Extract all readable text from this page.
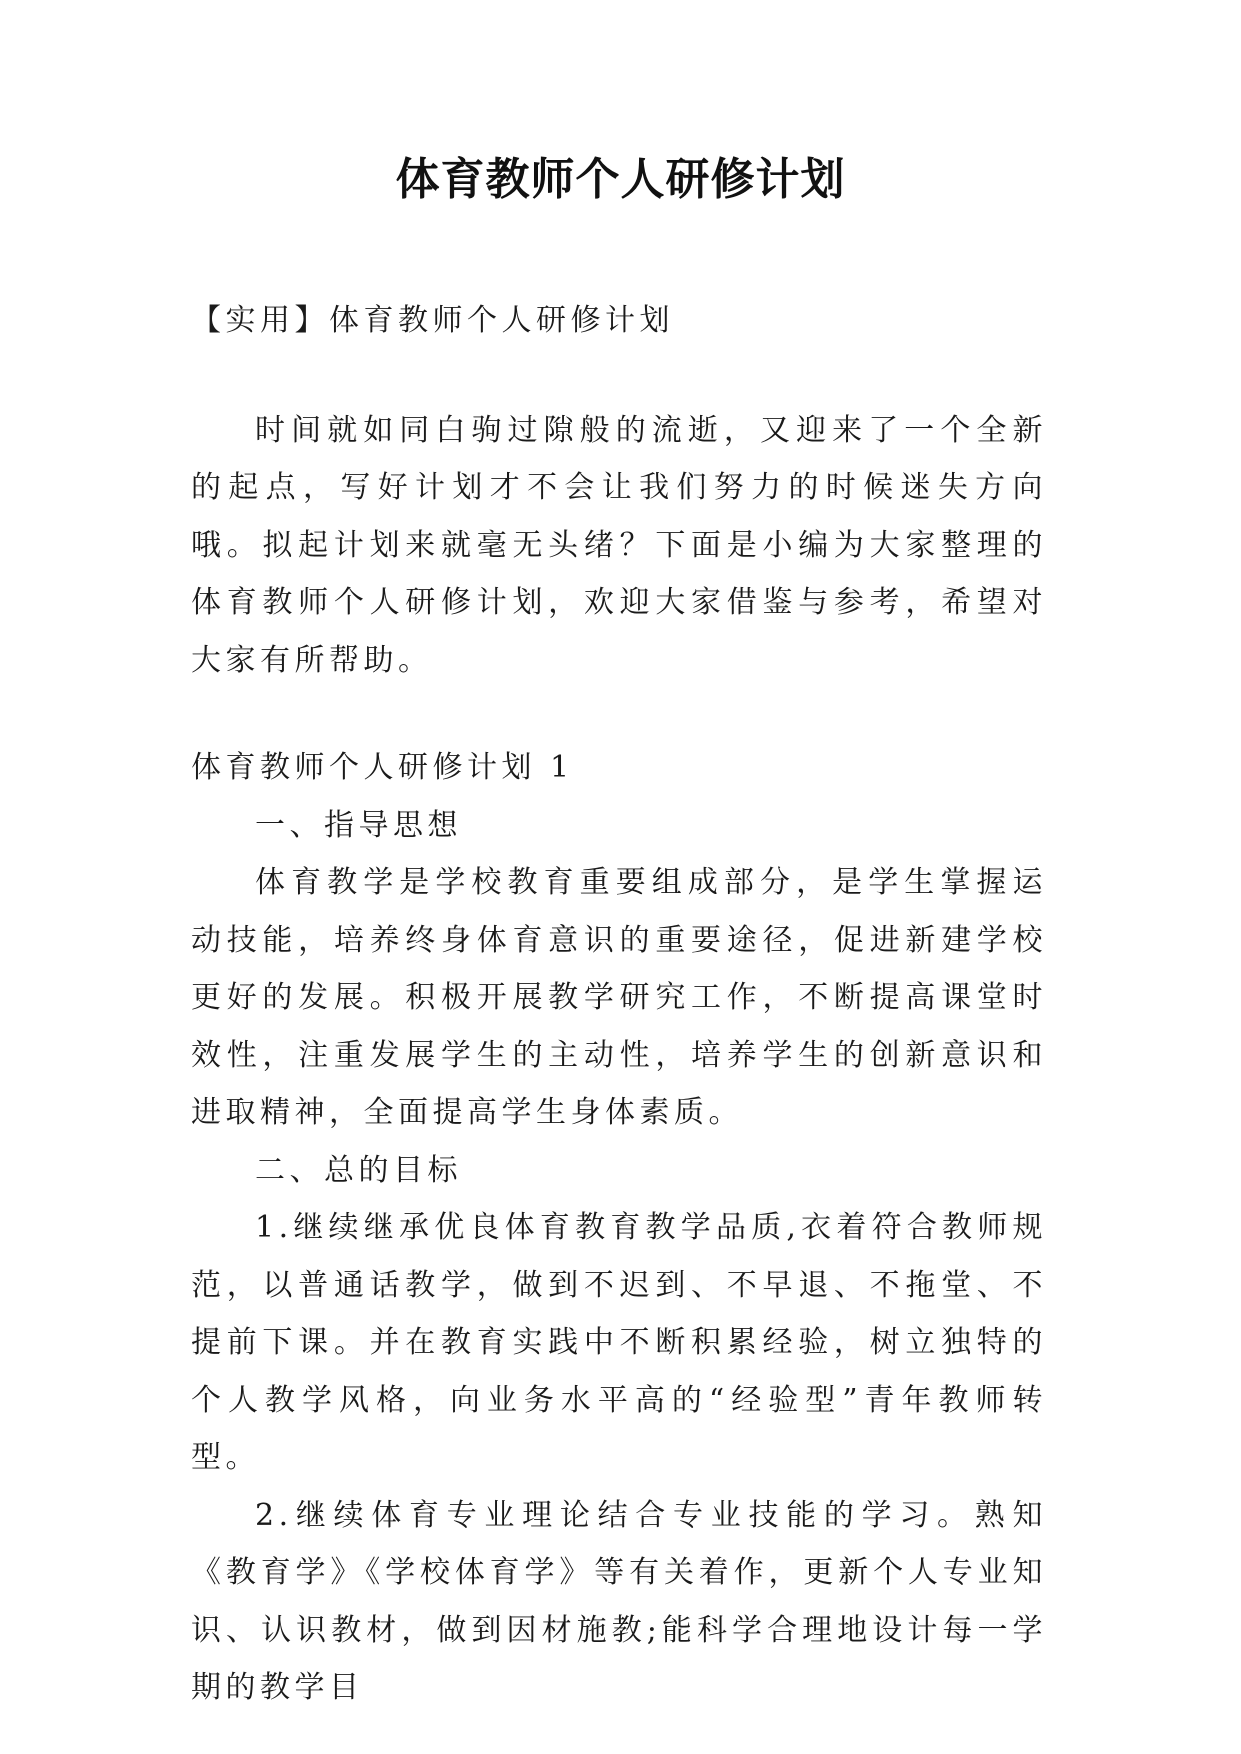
体育教师个人研修计划

【实用】体育教师个人研修计划

时间就如同白驹过隙般的流逝，又迎来了一个全新的起点，写好计划才不会让我们努力的时候迷失方向哦。拟起计划来就毫无头绪？下面是小编为大家整理的体育教师个人研修计划，欢迎大家借鉴与参考，希望对大家有所帮助。

体育教师个人研修计划 1

一、指导思想

体育教学是学校教育重要组成部分，是学生掌握运动技能，培养终身体育意识的重要途径，促进新建学校更好的发展。积极开展教学研究工作，不断提高课堂时效性，注重发展学生的主动性，培养学生的创新意识和进取精神，全面提高学生身体素质。

二、总的目标

1.继续继承优良体育教育教学品质,衣着符合教师规范，以普通话教学，做到不迟到、不早退、不拖堂、不提前下课。并在教育实践中不断积累经验，树立独特的个人教学风格，向业务水平高的“经验型”青年教师转型。

2.继续体育专业理论结合专业技能的学习。熟知《教育学》《学校体育学》等有关着作，更新个人专业知识、认识教材，做到因材施教;能科学合理地设计每一学期的教学目
